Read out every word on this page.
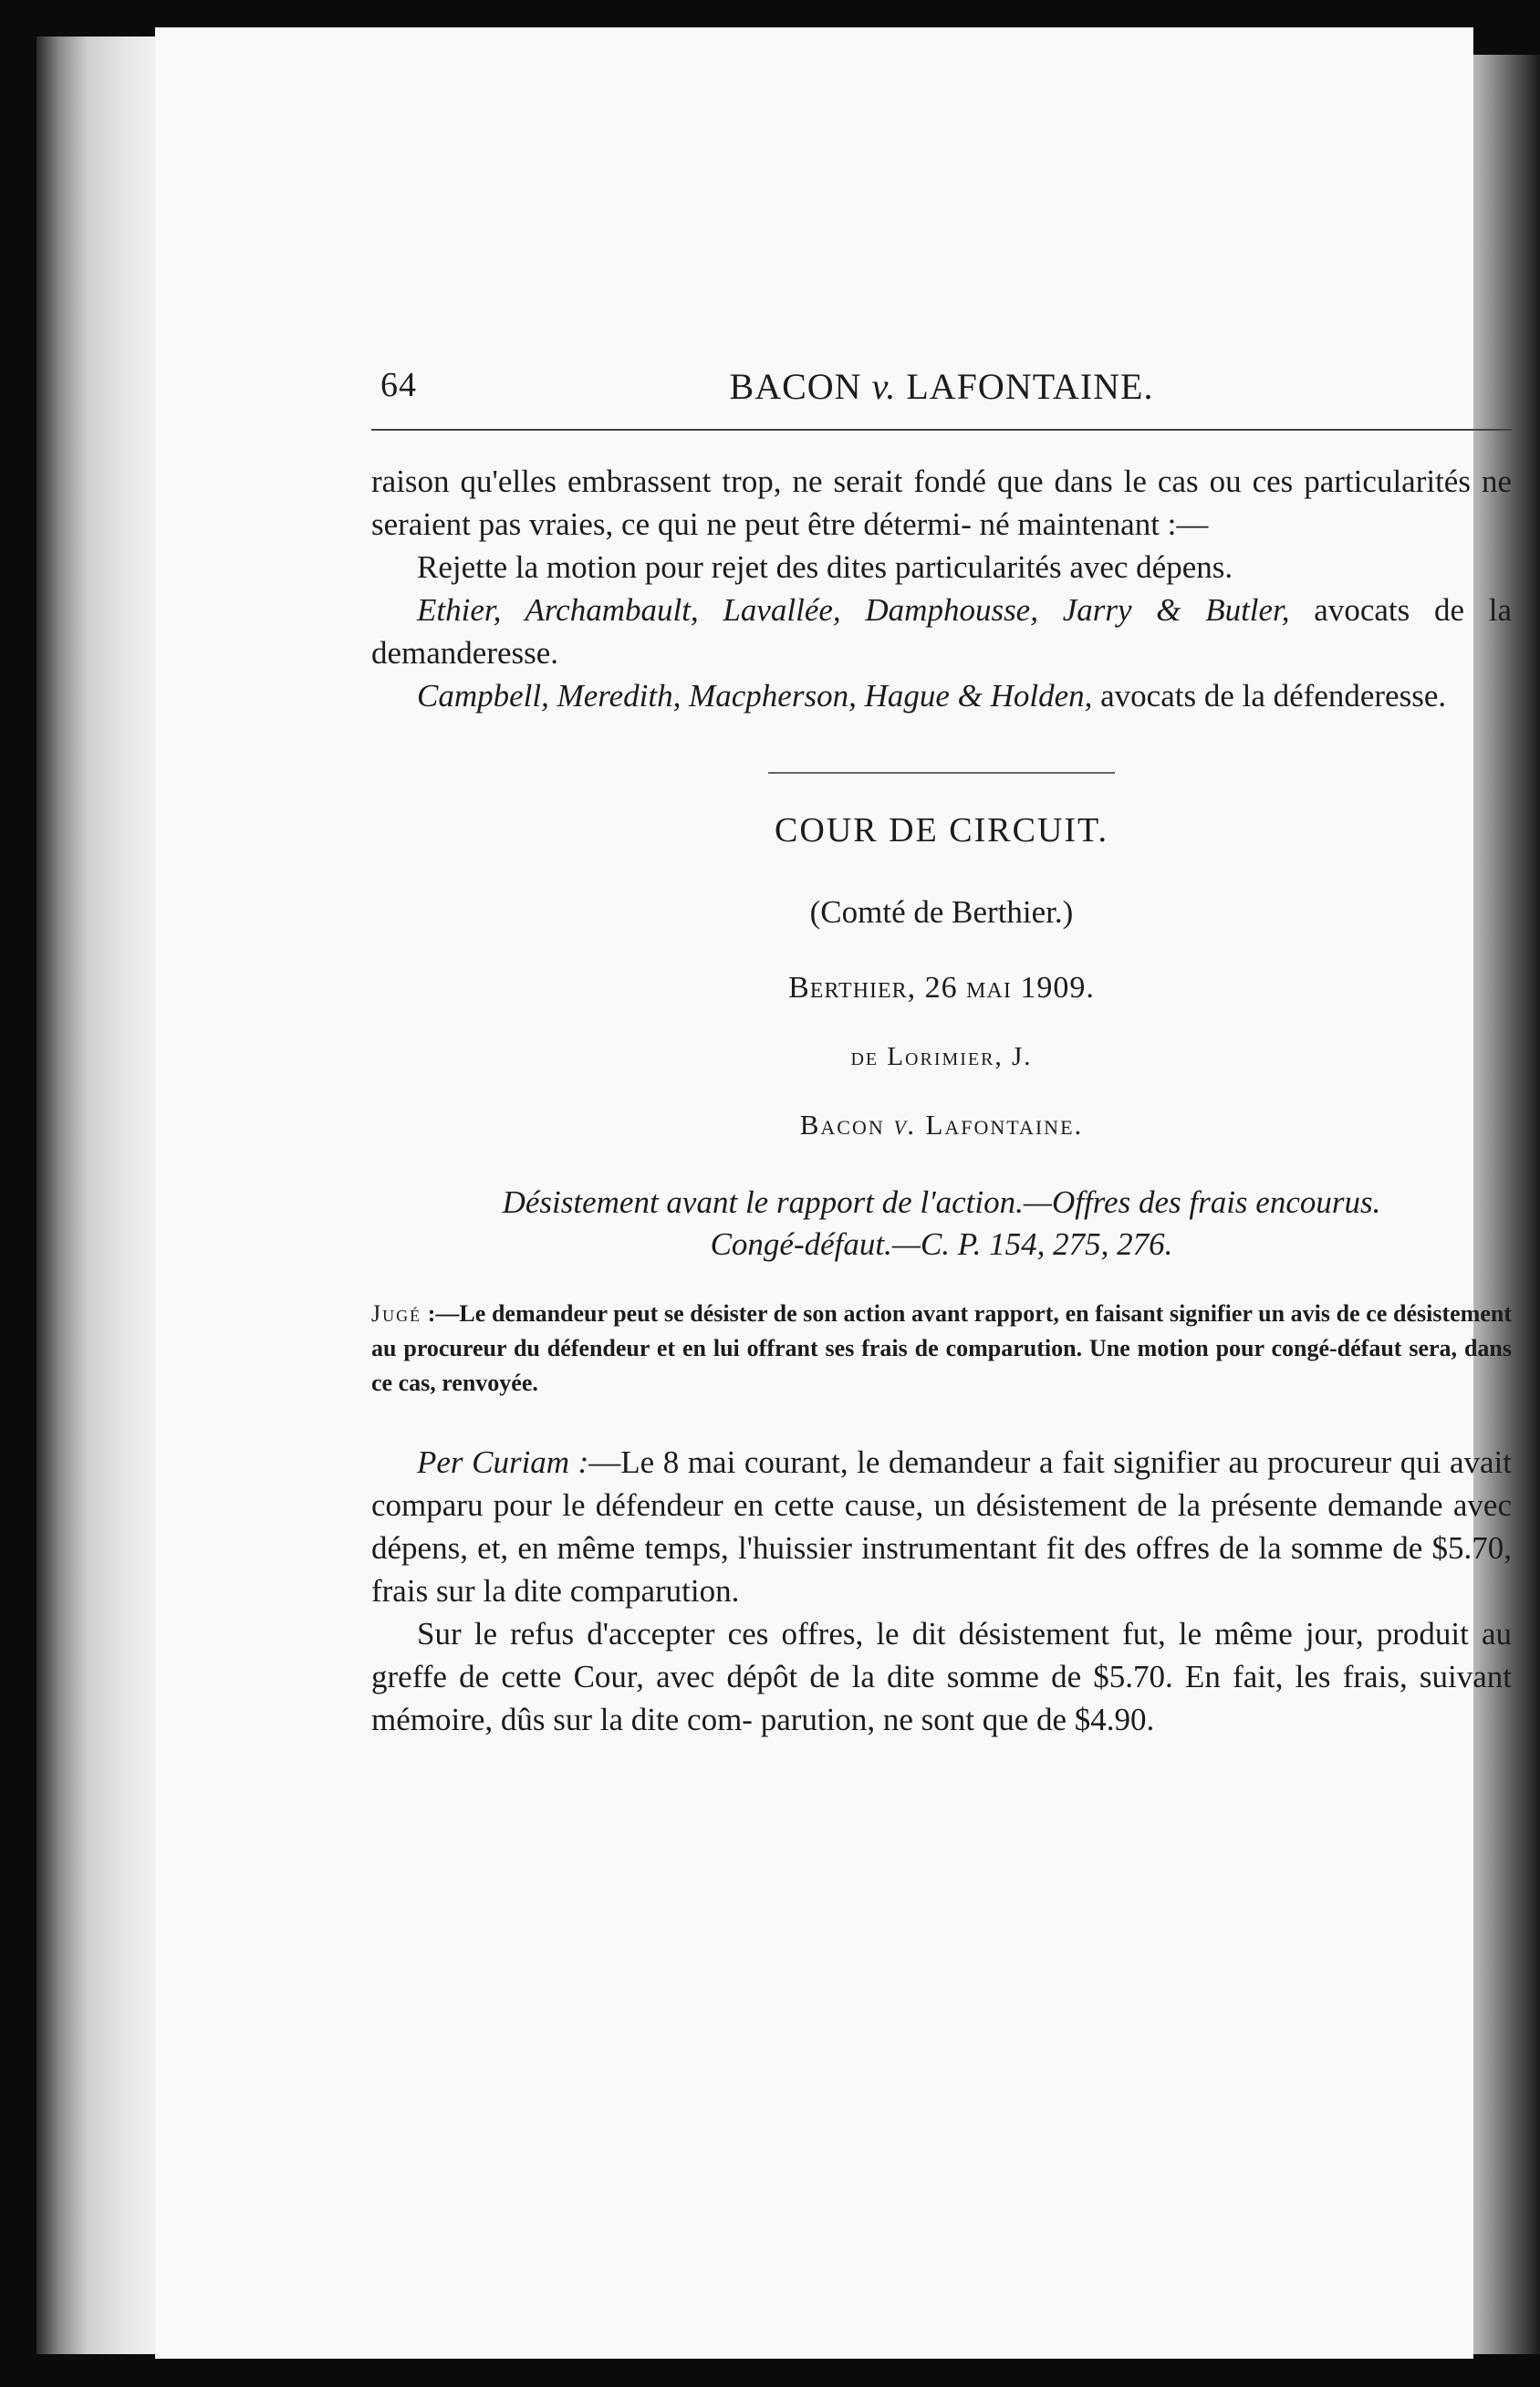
64	BACON v. LAFONTAINE.

raison qu'elles embrassent trop, ne serait fondé que dans le cas ou ces particularités ne seraient pas vraies, ce qui ne peut être détermi- né maintenant :—

Rejette la motion pour rejet des dites particularités avec dépens.

Ethier, Archambault, Lavallée, Damphousse, Jarry & Butler, avocats de la demanderesse.

Campbell, Meredith, Macpherson, Hague & Holden, avocats de la défenderesse.

COUR DE CIRCUIT.
(Comté de Berthier.)
Berthier, 26 mai 1909.
de Lorimier, J.
Bacon v. Lafontaine.
Désistement avant le rapport de l'action.—Offres des frais encourus.
Congé-défaut.—C. P. 154, 275, 276.
Jugé :—Le demandeur peut se désister de son action avant rapport, en faisant signifier un avis de ce désistement au procureur du défendeur et en lui offrant ses frais de comparution. Une motion pour congé-défaut sera, dans ce cas, renvoyée.

Per Curiam :—Le 8 mai courant, le demandeur a fait signifier au procureur qui avait comparu pour le défendeur en cette cause, un désistement de la présente demande avec dépens, et, en même temps, l'huissier instrumentant fit des offres de la somme de $5.70, frais sur la dite comparution.

Sur le refus d'accepter ces offres, le dit désistement fut, le même jour, produit au greffe de cette Cour, avec dépôt de la dite somme de $5.70. En fait, les frais, suivant mémoire, dûs sur la dite com- parution, ne sont que de $4.90.
